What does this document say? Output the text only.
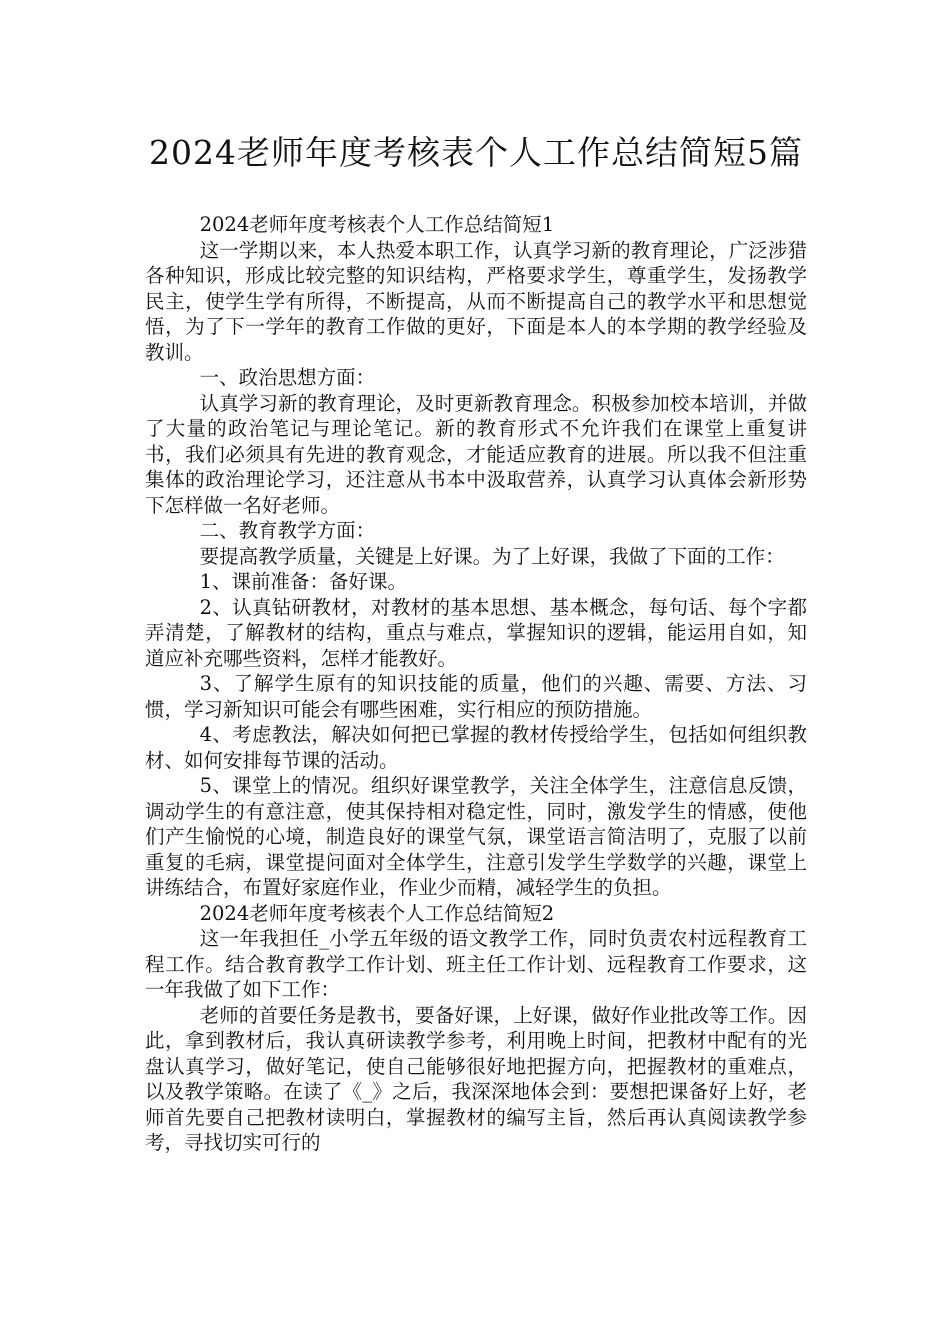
2024老师年度考核表个人工作总结简短5篇

2024老师年度考核表个人工作总结简短1

这一学期以来，本人热爱本职工作，认真学习新的教育理论，广泛涉猎各种知识，形成比较完整的知识结构，严格要求学生，尊重学生，发扬教学民主，使学生学有所得，不断提高，从而不断提高自己的教学水平和思想觉悟，为了下一学年的教育工作做的更好，下面是本人的本学期的教学经验及教训。

一、政治思想方面：

认真学习新的教育理论，及时更新教育理念。积极参加校本培训，并做了大量的政治笔记与理论笔记。新的教育形式不允许我们在课堂上重复讲书，我们必须具有先进的教育观念，才能适应教育的进展。所以我不但注重集体的政治理论学习，还注意从书本中汲取营养，认真学习认真体会新形势下怎样做一名好老师。

二、教育教学方面：

要提高教学质量，关键是上好课。为了上好课，我做了下面的工作：

1、课前准备：备好课。

2、认真钻研教材，对教材的基本思想、基本概念，每句话、每个字都弄清楚，了解教材的结构，重点与难点，掌握知识的逻辑，能运用自如，知道应补充哪些资料，怎样才能教好。

3、了解学生原有的知识技能的质量，他们的兴趣、需要、方法、习惯，学习新知识可能会有哪些困难，实行相应的预防措施。

4、考虑教法，解决如何把已掌握的教材传授给学生，包括如何组织教材、如何安排每节课的活动。

5、课堂上的情况。组织好课堂教学，关注全体学生，注意信息反馈，调动学生的有意注意，使其保持相对稳定性，同时，激发学生的情感，使他们产生愉悦的心境，制造良好的课堂气氛，课堂语言简洁明了，克服了以前重复的毛病，课堂提问面对全体学生，注意引发学生学数学的兴趣，课堂上讲练结合，布置好家庭作业，作业少而精，减轻学生的负担。

2024老师年度考核表个人工作总结简短2

这一年我担任_小学五年级的语文教学工作，同时负责农村远程教育工程工作。结合教育教学工作计划、班主任工作计划、远程教育工作要求，这一年我做了如下工作：

老师的首要任务是教书，要备好课，上好课，做好作业批改等工作。因此，拿到教材后，我认真研读教学参考，利用晚上时间，把教材中配有的光盘认真学习，做好笔记，使自己能够很好地把握方向，把握教材的重难点，以及教学策略。在读了《_》之后，我深深地体会到：要想把课备好上好，老师首先要自己把教材读明白，掌握教材的编写主旨，然后再认真阅读教学参考，寻找切实可行的
